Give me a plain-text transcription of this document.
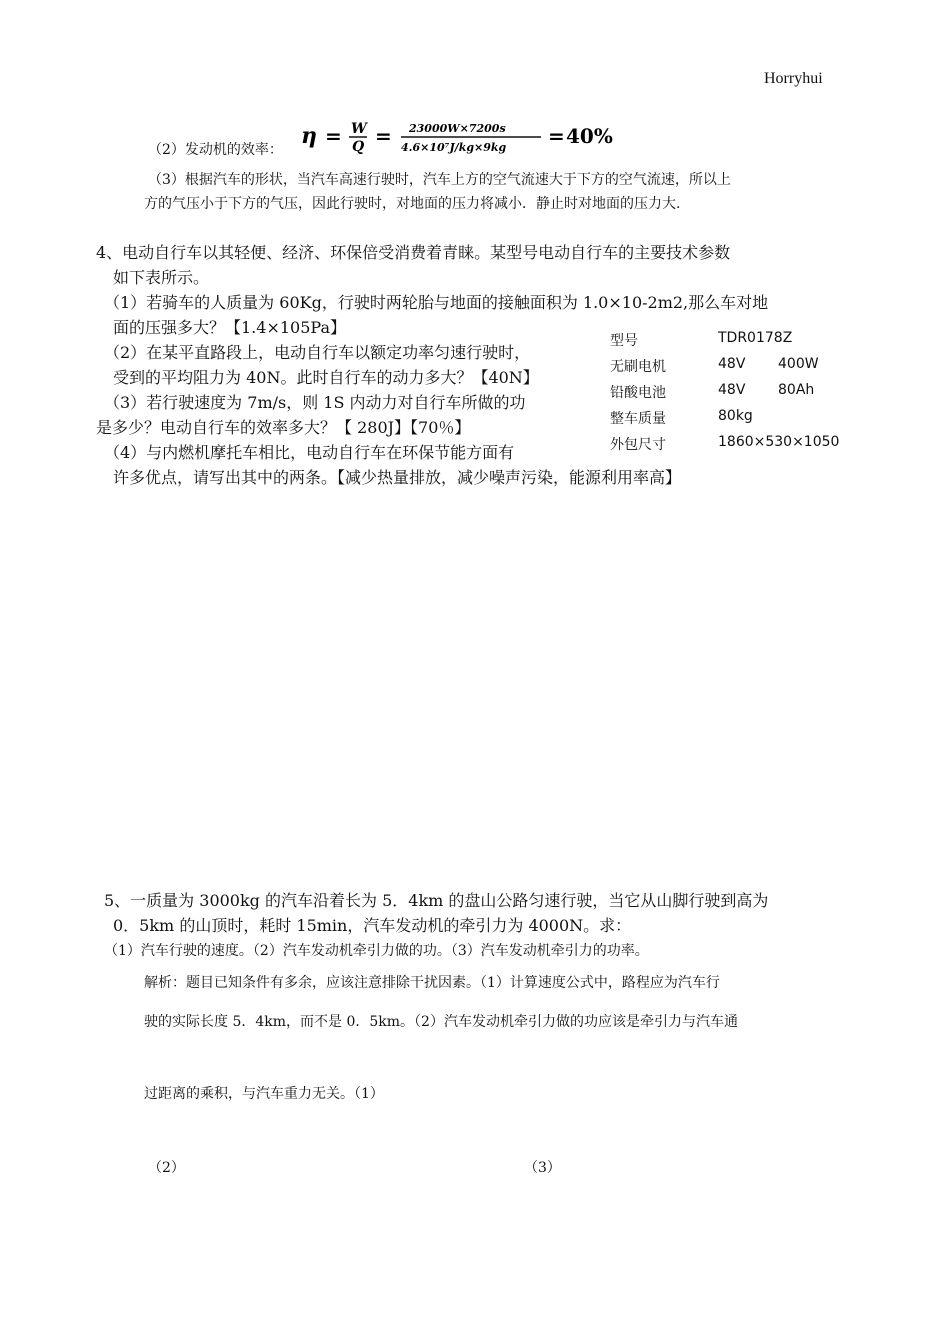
Horryhui
（2）发动机的效率：
η = W
Q = 23000W×7200s
4.6×10⁷J/kg×9kg = 40%
（3）根据汽车的形状，当汽车高速行驶时，汽车上方的空气流速大于下方的空气流速，所以上
方的气压小于下方的气压，因此行驶时，对地面的压力将减小．静止时对地面的压力大.
4、电动自行车以其轻便、经济、环保倍受消费着青睐。某型号电动自行车的主要技术参数
如下表所示。
（1）若骑车的人质量为 60Kg，行驶时两轮胎与地面的接触面积为 1.0×10-2m2,那么车对地
面的压强多大？【1.4×105Pa】
（2）在某平直路段上，电动自行车以额定功率匀速行驶时，
受到的平均阻力为 40N。此时自行车的动力多大？【40N】
（3）若行驶速度为 7m/s，则 1S 内动力对自行车所做的功
是多少？电动自行车的效率多大？【 280J】【70％】
（4）与内燃机摩托车相比，电动自行车在环保节能方面有
许多优点，请写出其中的两条。【减少热量排放，减少噪声污染，能源利用率高】
型号	TDR0178Z
无刷电机	48V 400W
铅酸电池	48V 80Ah
整车质量	80kg
外包尺寸	1860×530×1050
5、一质量为 3000kg 的汽车沿着长为 5．4km 的盘山公路匀速行驶，当它从山脚行驶到高为
0．5km 的山顶时，耗时 15min，汽车发动机的牵引力为 4000N。求：
（1）汽车行驶的速度。（2）汽车发动机牵引力做的功。（3）汽车发动机牵引力的功率。
解析：题目已知条件有多余，应该注意排除干扰因素。（1）计算速度公式中，路程应为汽车行
驶的实际长度 5．4km，而不是 0．5km。（2）汽车发动机牵引力做的功应该是牵引力与汽车通
过距离的乘积，与汽车重力无关。（1）
（2）	（3）
